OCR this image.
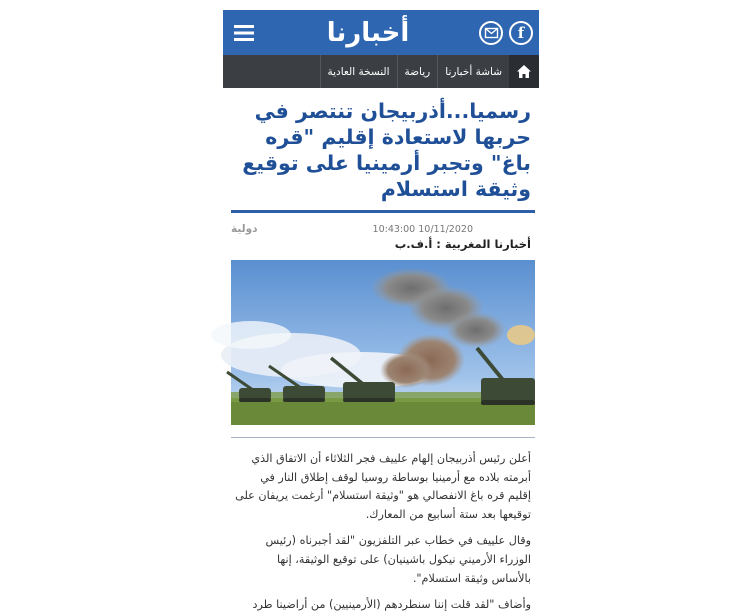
أخبارنا	f
شاشة أخبارنا
رياضة
النسخة العادية
رسميا...أذربيجان تنتصر في حربها لاستعادة إقليم "قره باغ" وتجبر أرمينيا على توقيع وثيقة استسلام
دولية	10:43:00 10/11/2020
أخبارنا المغربية : أ.ف.ب

أعلن رئيس أذربيجان إلهام علييف فجر الثلاثاء أن الاتفاق الذي أبرمته بلاده مع أرمينيا بوساطة روسيا لوقف إطلاق النار في إقليم قره باغ الانفصالي هو "وثيقة استسلام" أرغمت يريفان على توقيعها بعد ستة أسابيع من المعارك.

وقال علييف في خطاب عبر التلفزيون "لقد أجبرناه (رئيس الوزراء الأرميني نيكول باشينيان) على توقيع الوثيقة، إنها بالأساس وثيقة استسلام".

وأضاف "لقد قلت إننا سنطردهم (الأرمينيين) من أراضينا طرد
